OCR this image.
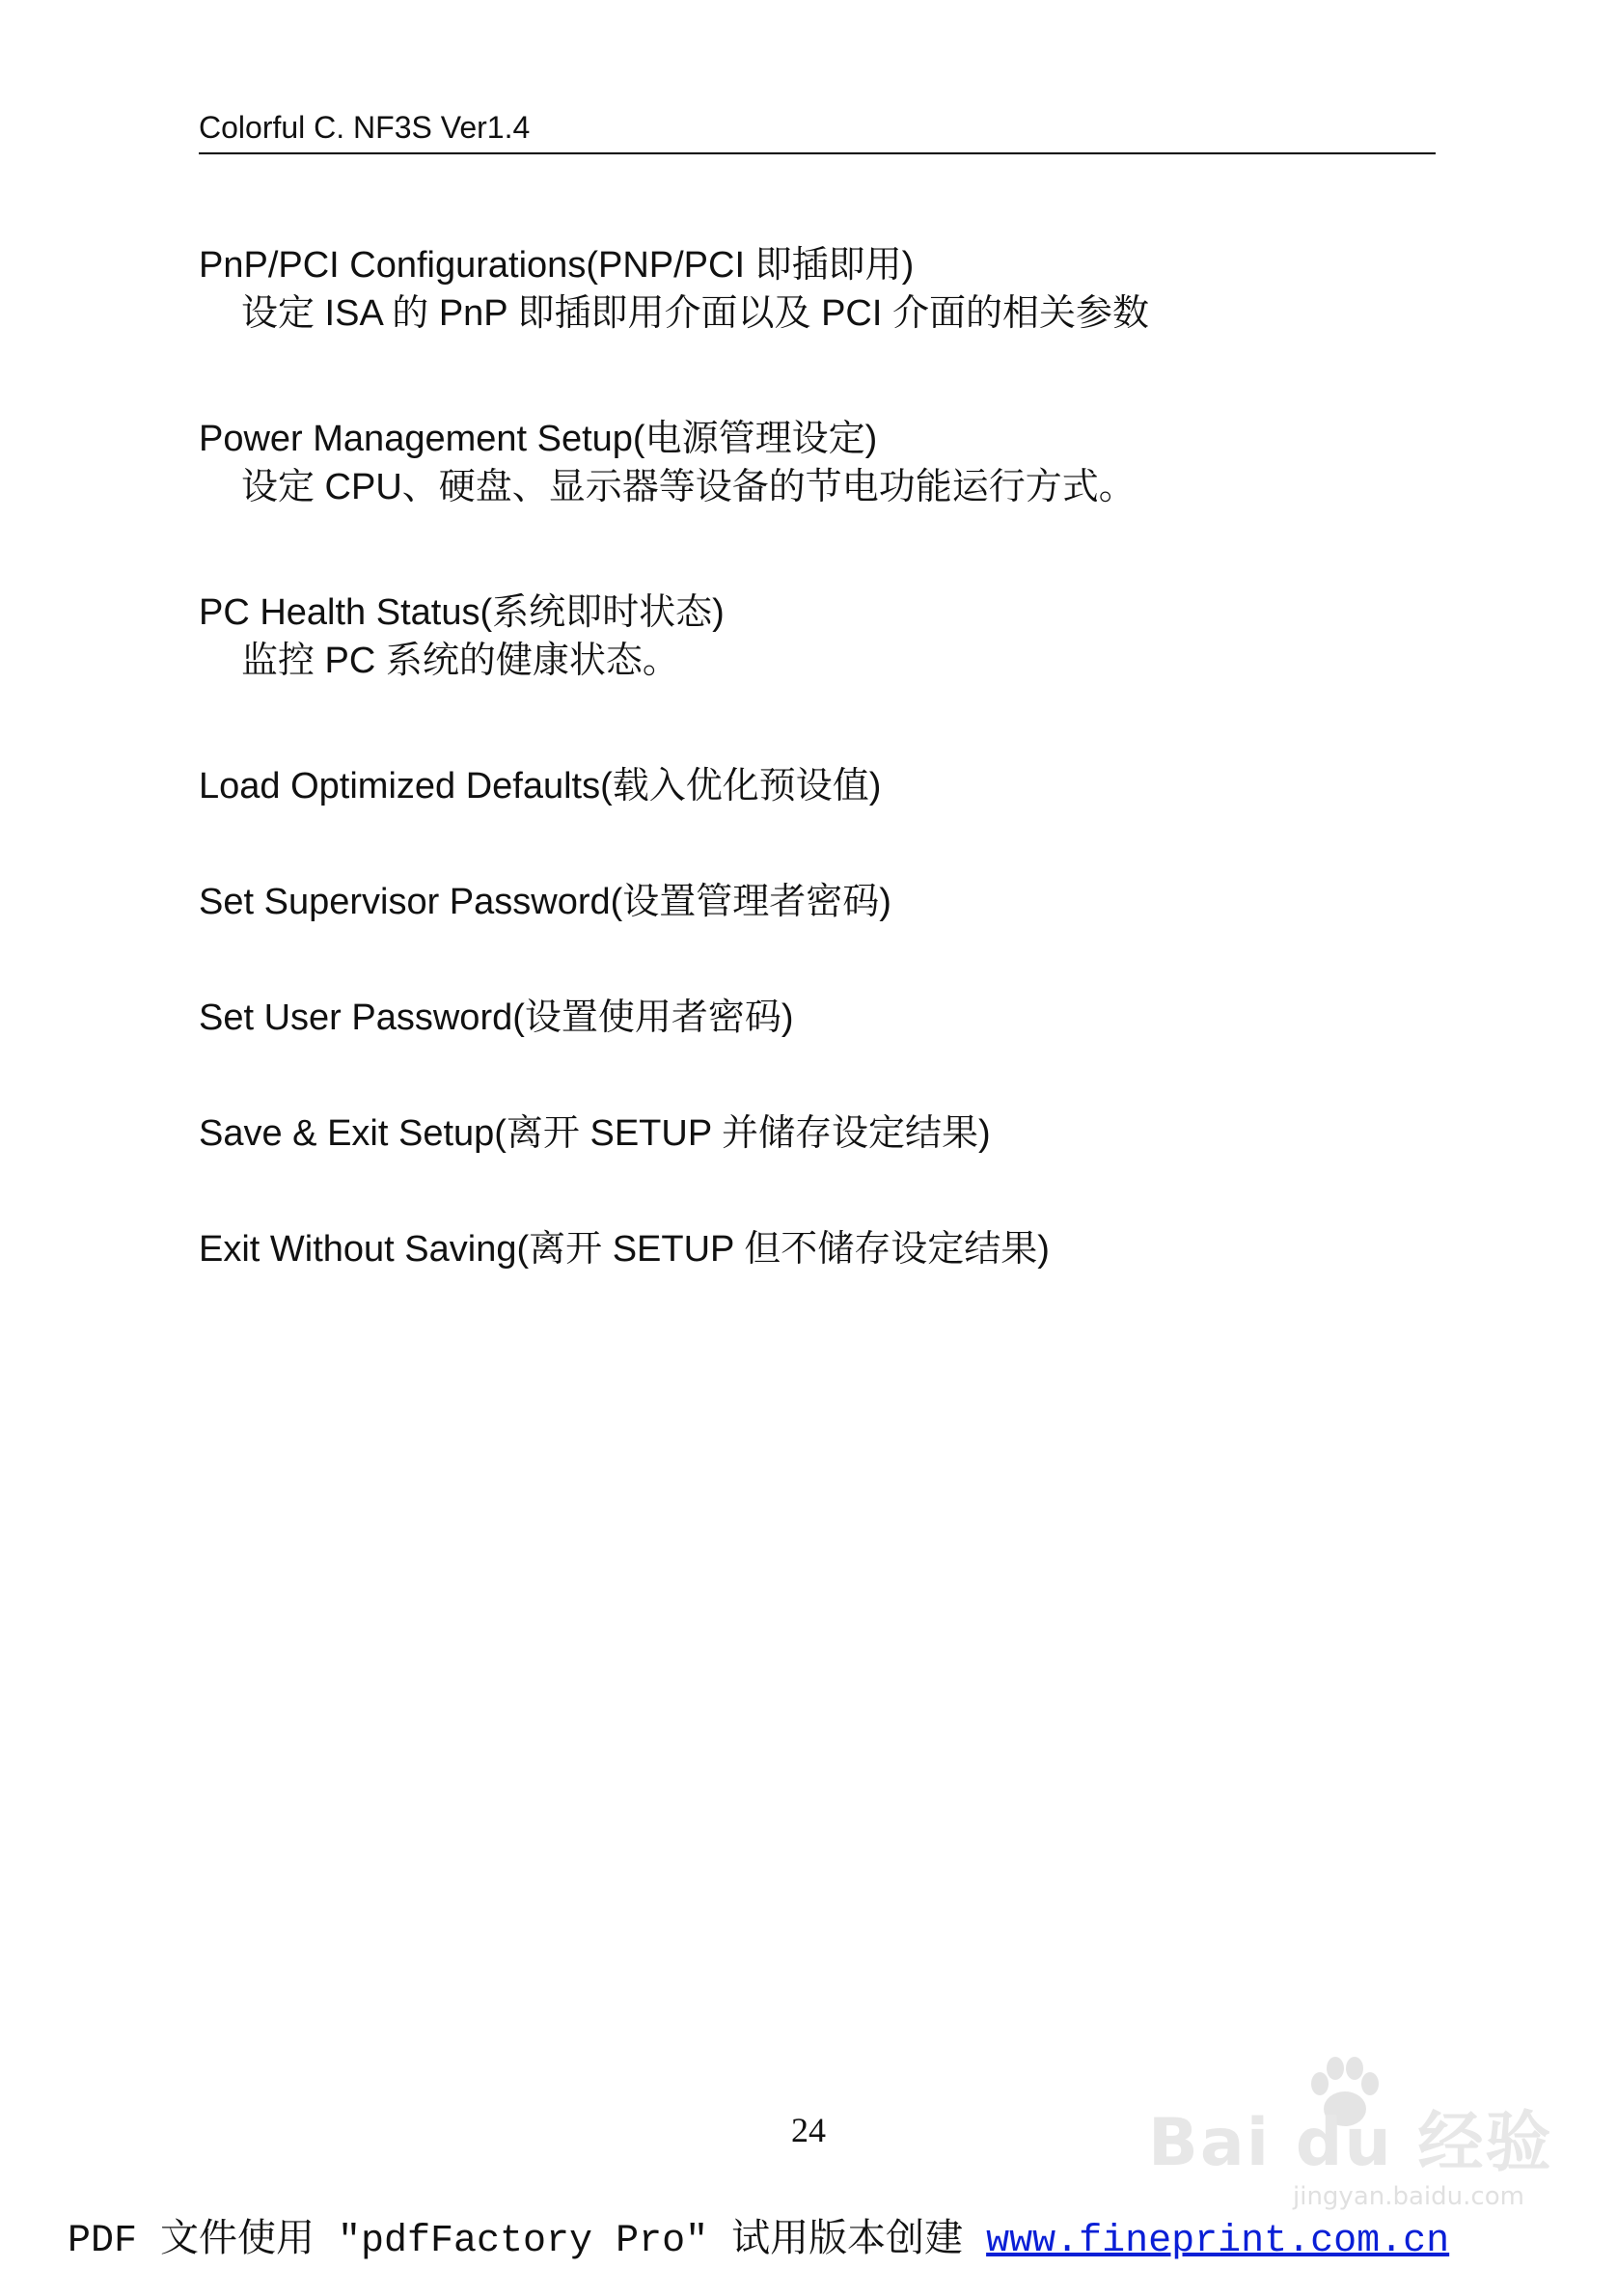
Colorful C. NF3S Ver1.4
PnP/PCI Configurations(PNP/PCI 即插即用)
设定 ISA 的 PnP 即插即用介面以及 PCI 介面的相关参数
Power Management Setup(电源管理设定)
设定 CPU、硬盘、显示器等设备的节电功能运行方式。
PC Health Status(系统即时状态)
监控 PC 系统的健康状态。
Load Optimized Defaults(载入优化预设值)
Set Supervisor Password(设置管理者密码)
Set User Password(设置使用者密码)
Save & Exit Setup(离开 SETUP 并储存设定结果)
Exit Without Saving(离开 SETUP 但不储存设定结果)
24	Bai du 经验
jingyan.baidu.com
PDF 文件使用 "pdfFactory Pro" 试用版本创建 www.fineprint.com.cn
